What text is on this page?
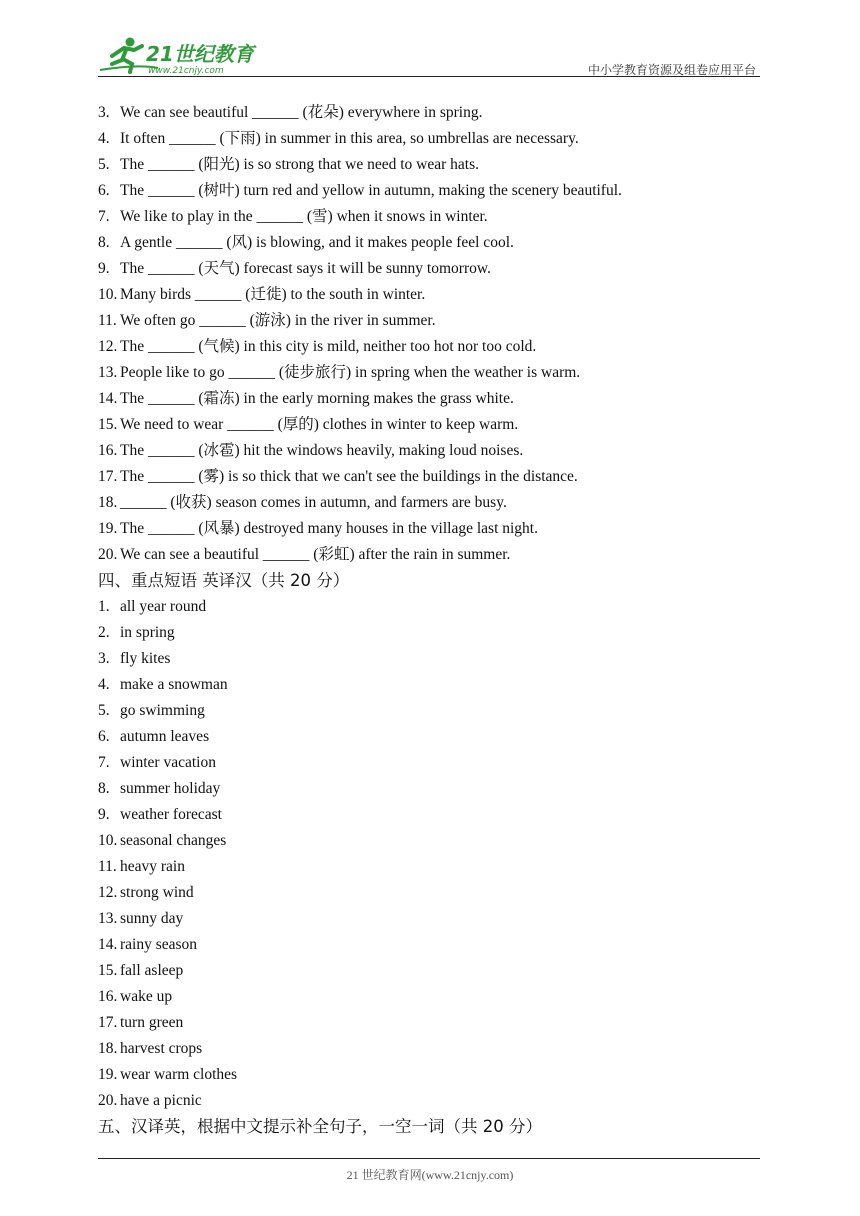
21世纪教育
www.21cnjy.com	中小学教育资源及组卷应用平台
3. We can see beautiful ______ (花朵) everywhere in spring.
4. It often ______ (下雨) in summer in this area, so umbrellas are necessary.
5. The ______ (阳光) is so strong that we need to wear hats.
6. The ______ (树叶) turn red and yellow in autumn, making the scenery beautiful.
7. We like to play in the ______ (雪) when it snows in winter.
8. A gentle ______ (风) is blowing, and it makes people feel cool.
9. The ______ (天气) forecast says it will be sunny tomorrow.
10. Many birds ______ (迁徙) to the south in winter.
11. We often go ______ (游泳) in the river in summer.
12. The ______ (气候) in this city is mild, neither too hot nor too cold.
13. People like to go ______ (徒步旅行) in spring when the weather is warm.
14. The ______ (霜冻) in the early morning makes the grass white.
15. We need to wear ______ (厚的) clothes in winter to keep warm.
16. The ______ (冰雹) hit the windows heavily, making loud noises.
17. The ______ (雾) is so thick that we can't see the buildings in the distance.
18. ______ (收获) season comes in autumn, and farmers are busy.
19. The ______ (风暴) destroyed many houses in the village last night.
20. We can see a beautiful ______ (彩虹) after the rain in summer.
四、重点短语 英译汉（共 20 分）
1. all year round
2. in spring
3. fly kites
4. make a snowman
5. go swimming
6. autumn leaves
7. winter vacation
8. summer holiday
9. weather forecast
10. seasonal changes
11. heavy rain
12. strong wind
13. sunny day
14. rainy season
15. fall asleep
16. wake up
17. turn green
18. harvest crops
19. wear warm clothes
20. have a picnic
五、汉译英，根据中文提示补全句子，一空一词（共 20 分）
21 世纪教育网(www.21cnjy.com)
